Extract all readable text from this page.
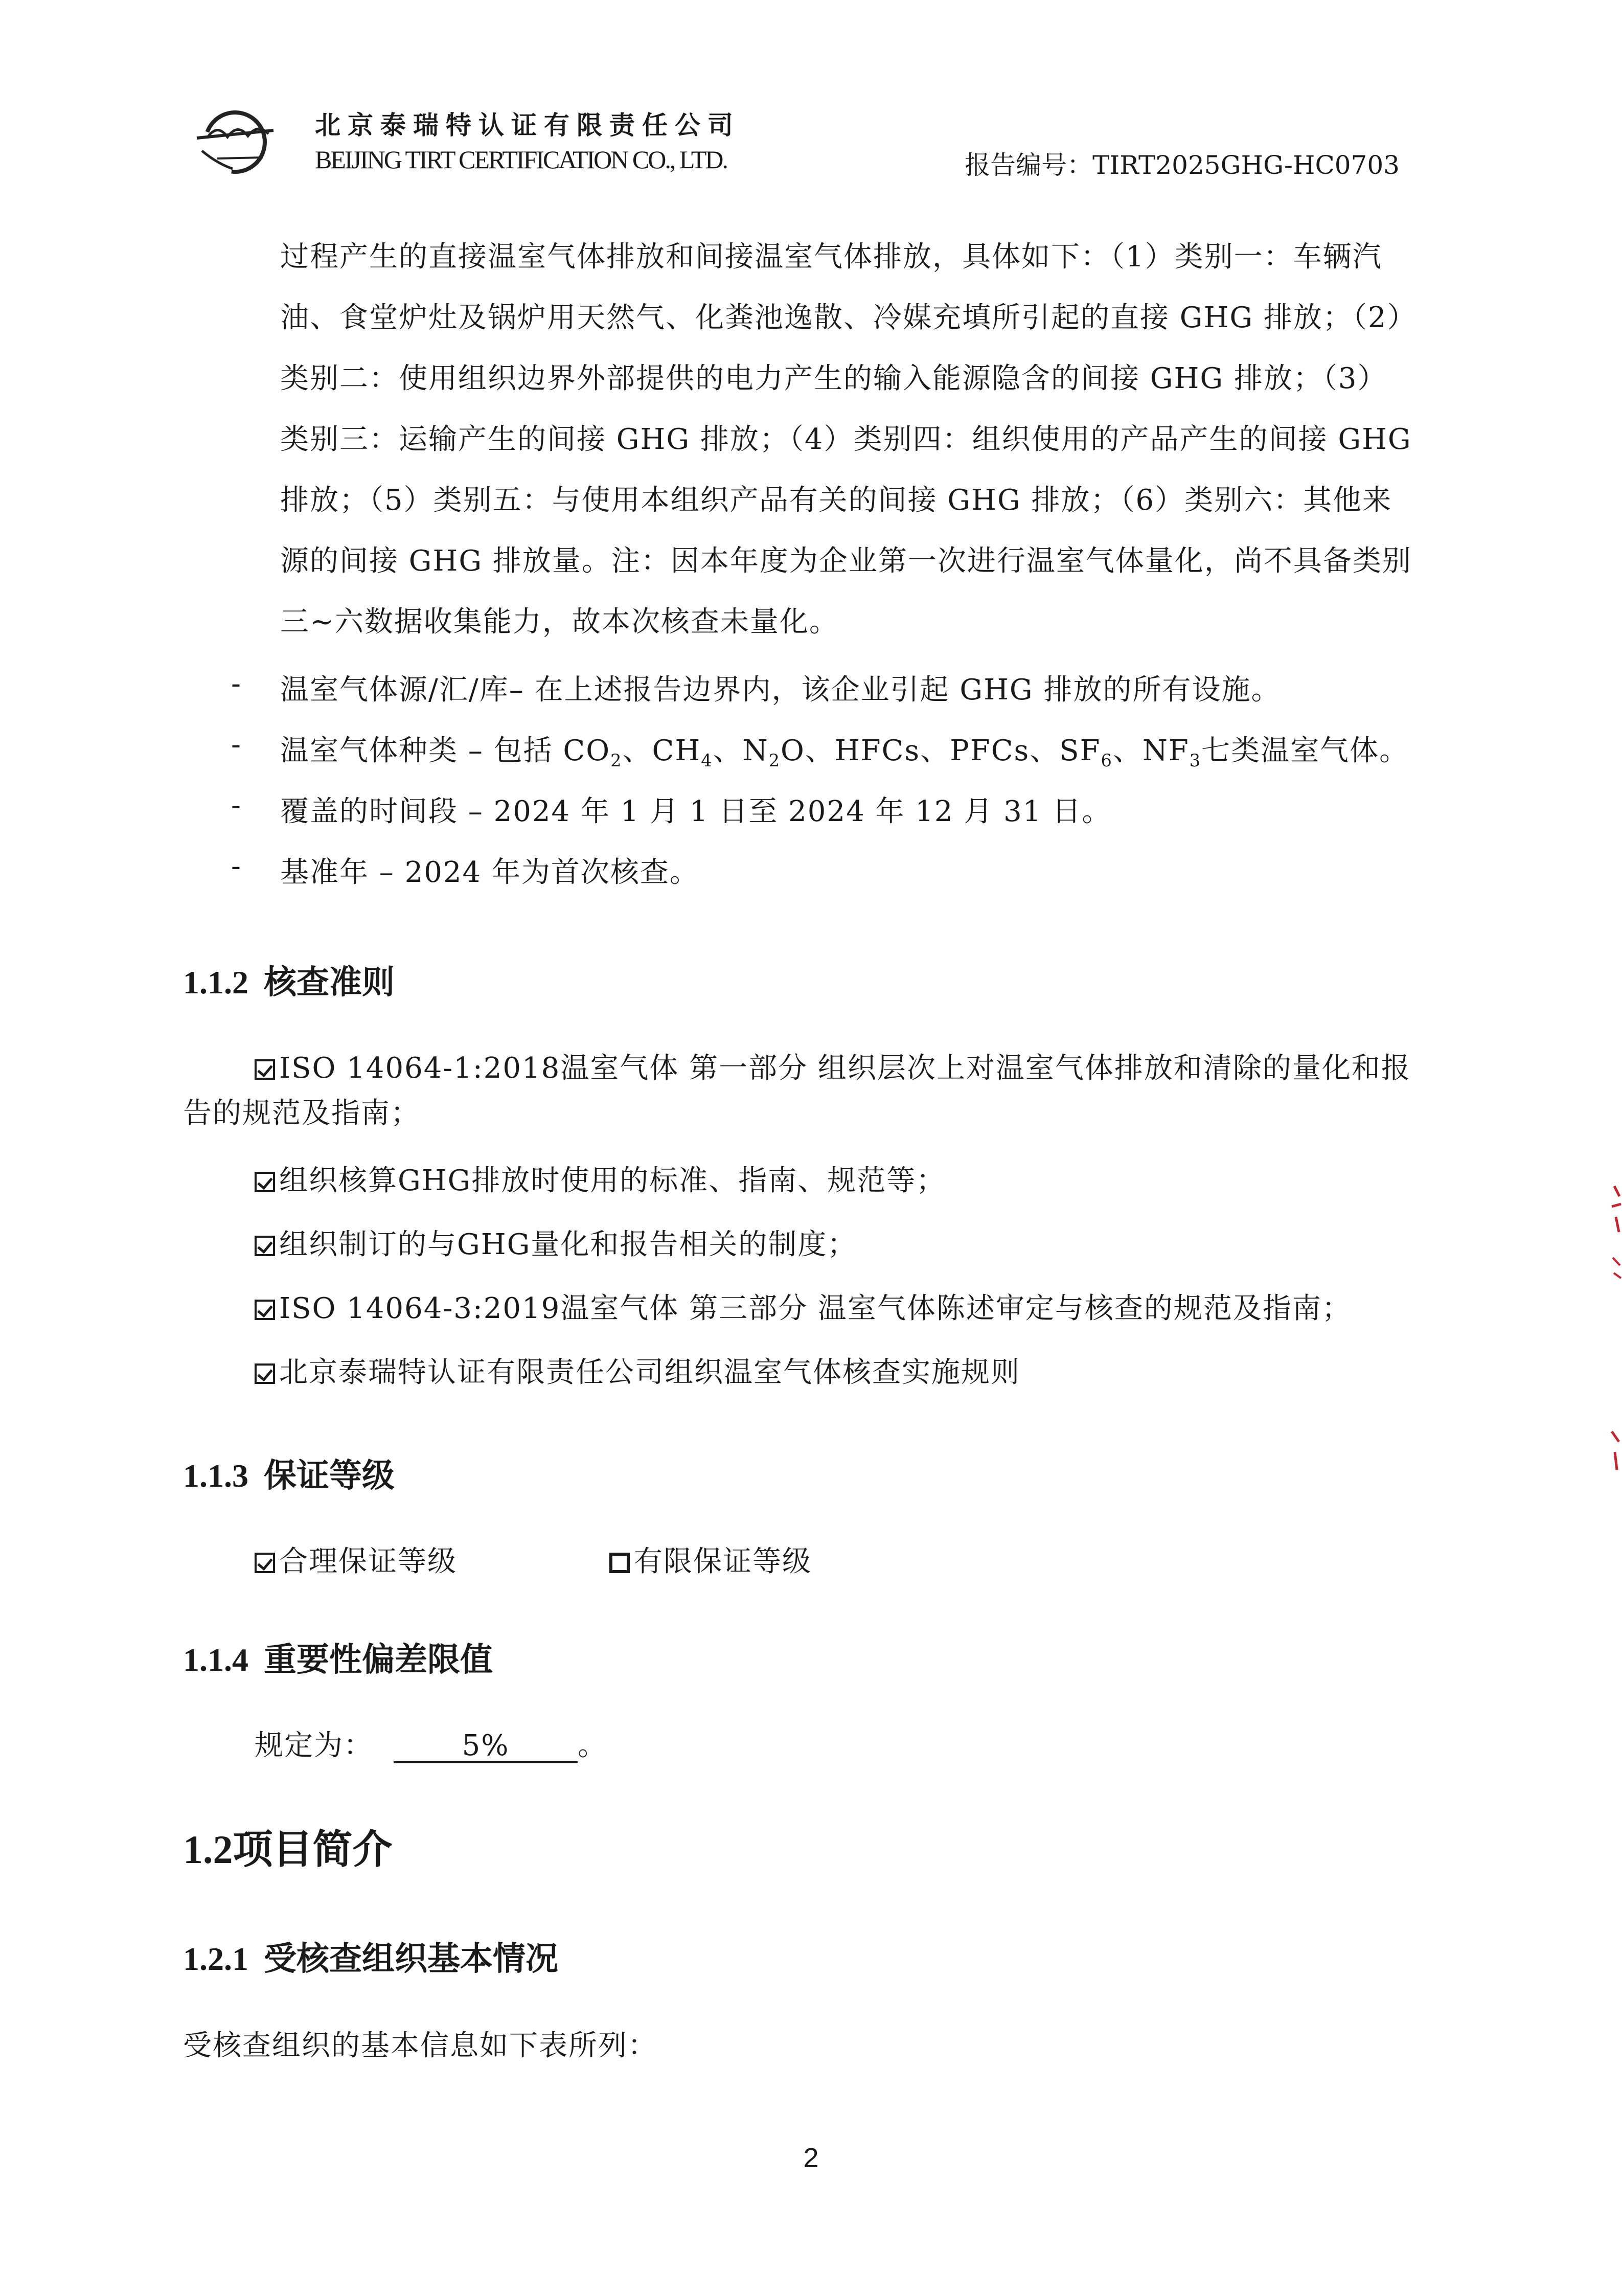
北京泰瑞特认证有限责任公司
BEIJING TIRT CERTIFICATION CO., LTD.	报告编号：TIRT2025GHG-HC0703
过程产生的直接温室气体排放和间接温室气体排放，具体如下：（1）类别一：车辆汽
油、食堂炉灶及锅炉用天然气、化粪池逸散、冷媒充填所引起的直接 GHG 排放；（2）
类别二：使用组织边界外部提供的电力产生的输入能源隐含的间接 GHG 排放；（3）
类别三：运输产生的间接 GHG 排放；（4）类别四：组织使用的产品产生的间接 GHG
排放；（5）类别五：与使用本组织产品有关的间接 GHG 排放；（6）类别六：其他来
源的间接 GHG 排放量。注：因本年度为企业第一次进行温室气体量化，尚不具备类别
三~六数据收集能力，故本次核查未量化。
- 温室气体源/汇/库– 在上述报告边界内，该企业引起 GHG 排放的所有设施。
- 温室气体种类 – 包括 $CO_2$、$CH_4$、$N_2O$、HFCs、PFCs、$SF_6$、$NF_3$七类温室气体。
- 覆盖的时间段 – 2024 年 1 月 1 日至 2024 年 12 月 31 日。
- 基准年 – 2024 年为首次核查。
1.1.2 核查准则
ISO 14064-1:2018温室气体 第一部分 组织层次上对温室气体排放和清除的量化和报
告的规范及指南；
组织核算GHG排放时使用的标准、指南、规范等；
组织制订的与GHG量化和报告相关的制度；
ISO 14064-3:2019温室气体 第三部分 温室气体陈述审定与核查的规范及指南；
北京泰瑞特认证有限责任公司组织温室气体核查实施规则
1.1.3 保证等级
合理保证等级	有限保证等级
1.1.4 重要性偏差限值
规定为：	5% 。
1.2项目简介
1.2.1 受核查组织基本情况
受核查组织的基本信息如下表所列：
2
